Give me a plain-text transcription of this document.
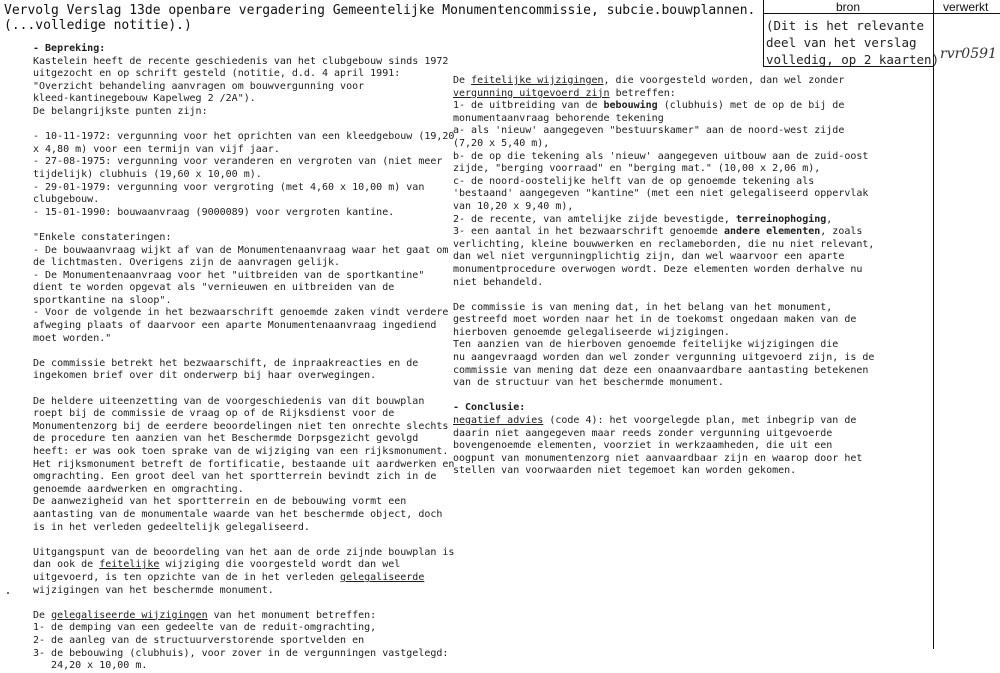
Vervolg Verslag 13de openbare vergadering Gemeentelijke Monumentencommissie, subcie.bouwplannen.
(...volledige notitie).)
bron	verwerkt
(Dit is het relevante
deel van het verslag
volledig, op 2 kaarten) rvr0591

- Bepreking:

Kastelein heeft de recente geschiedenis van het clubgebouw sinds 1972

uitgezocht en op schrift gesteld (notitie, d.d. 4 april 1991:

"Overzicht behandeling aanvragen om bouwvergunning voor

kleed-kantinegebouw Kapelweg 2 /2A").

De belangrijkste punten zijn:

- 10-11-1972: vergunning voor het oprichten van een kleedgebouw (19,20

x 4,80 m) voor een termijn van vijf jaar.

- 27-08-1975: vergunning voor veranderen en vergroten van (niet meer

tijdelijk) clubhuis (19,60 x 10,00 m).

- 29-01-1979: vergunning voor vergroting (met 4,60 x 10,00 m) van

clubgebouw.

- 15-01-1990: bouwaanvraag (9000089) voor vergroten kantine.

"Enkele constateringen:

- De bouwaanvraag wijkt af van de Monumentenaanvraag waar het gaat om

de lichtmasten. Overigens zijn de aanvragen gelijk.

- De Monumentenaanvraag voor het "uitbreiden van de sportkantine"

dient te worden opgevat als "vernieuwen en uitbreiden van de

sportkantine na sloop".

- Voor de volgende in het bezwaarschrift genoemde zaken vindt verdere

afweging plaats of daarvoor een aparte Monumentenaanvraag ingediend

moet worden."

De commissie betrekt het bezwaarschift, de inpraakreacties en de

ingekomen brief over dit onderwerp bij haar overwegingen.

De heldere uiteenzetting van de voorgeschiedenis van dit bouwplan

roept bij de commissie de vraag op of de Rijksdienst voor de

Monumentenzorg bij de eerdere beoordelingen niet ten onrechte slechts

de procedure ten aanzien van het Beschermde Dorpsgezicht gevolgd

heeft: er was ook toen sprake van de wijziging van een rijksmonument.

Het rijksmonument betreft de fortificatie, bestaande uit aardwerken en

omgrachting. Een groot deel van het sportterrein bevindt zich in de

genoemde aardwerken en omgrachting.

De aanwezigheid van het sportterrein en de bebouwing vormt een

aantasting van de monumentale waarde van het beschermde object, doch

is in het verleden gedeeltelijk gelegaliseerd.

Uitgangspunt van de beoordeling van het aan de orde zijnde bouwplan is

dan ook de feitelijke wijziging die voorgesteld wordt dan wel

uitgevoerd, is ten opzichte van de in het verleden gelegaliseerde

wijzigingen van het beschermde monument.

De gelegaliseerde wijzigingen van het monument betreffen:

1- de demping van een gedeelte van de reduit-omgrachting,

2- de aanleg van de structuurverstorende sportvelden en

3- de bebouwing (clubhuis), voor zover in de vergunningen vastgelegd:

24,20 x 10,00 m.

De feitelijke wijzigingen, die voorgesteld worden, dan wel zonder

vergunning uitgevoerd zijn betreffen:

1- de uitbreiding van de bebouwing (clubhuis) met de op de bij de

monumentaanvraag behorende tekening

a- als 'nieuw' aangegeven "bestuurskamer" aan de noord-west zijde

(7,20 x 5,40 m),

b- de op die tekening als 'nieuw' aangegeven uitbouw aan de zuid-oost

zijde, "berging voorraad" en "berging mat." (10,00 x 2,06 m),

c- de noord-oostelijke helft van de op genoemde tekening als

'bestaand' aangegeven "kantine" (met een niet gelegaliseerd oppervlak

van 10,20 x 9,40 m),

2- de recente, van amtelijke zijde bevestigde, terreinophoging,

3- een aantal in het bezwaarschrift genoemde andere elementen, zoals

verlichting, kleine bouwwerken en reclameborden, die nu niet relevant,

dan wel niet vergunningplichtig zijn, dan wel waarvoor een aparte

monumentprocedure overwogen wordt. Deze elementen worden derhalve nu

niet behandeld.

De commissie is van mening dat, in het belang van het monument,

gestreefd moet worden naar het in de toekomst ongedaan maken van de

hierboven genoemde gelegaliseerde wijzigingen.

Ten aanzien van de hierboven genoemde feitelijke wijzigingen die

nu aangevraagd worden dan wel zonder vergunning uitgevoerd zijn, is de

commissie van mening dat deze een onaanvaardbare aantasting betekenen

van de structuur van het beschermde monument.

- Conclusie:

negatief advies (code 4): het voorgelegde plan, met inbegrip van de

daarin niet aangegeven maar reeds zonder vergunning uitgevoerde

bovengenoemde elementen, voorziet in werkzaamheden, die uit een

oogpunt van monumentenzorg niet aanvaardbaar zijn en waarop door het

stellen van voorwaarden niet tegemoet kan worden gekomen.
